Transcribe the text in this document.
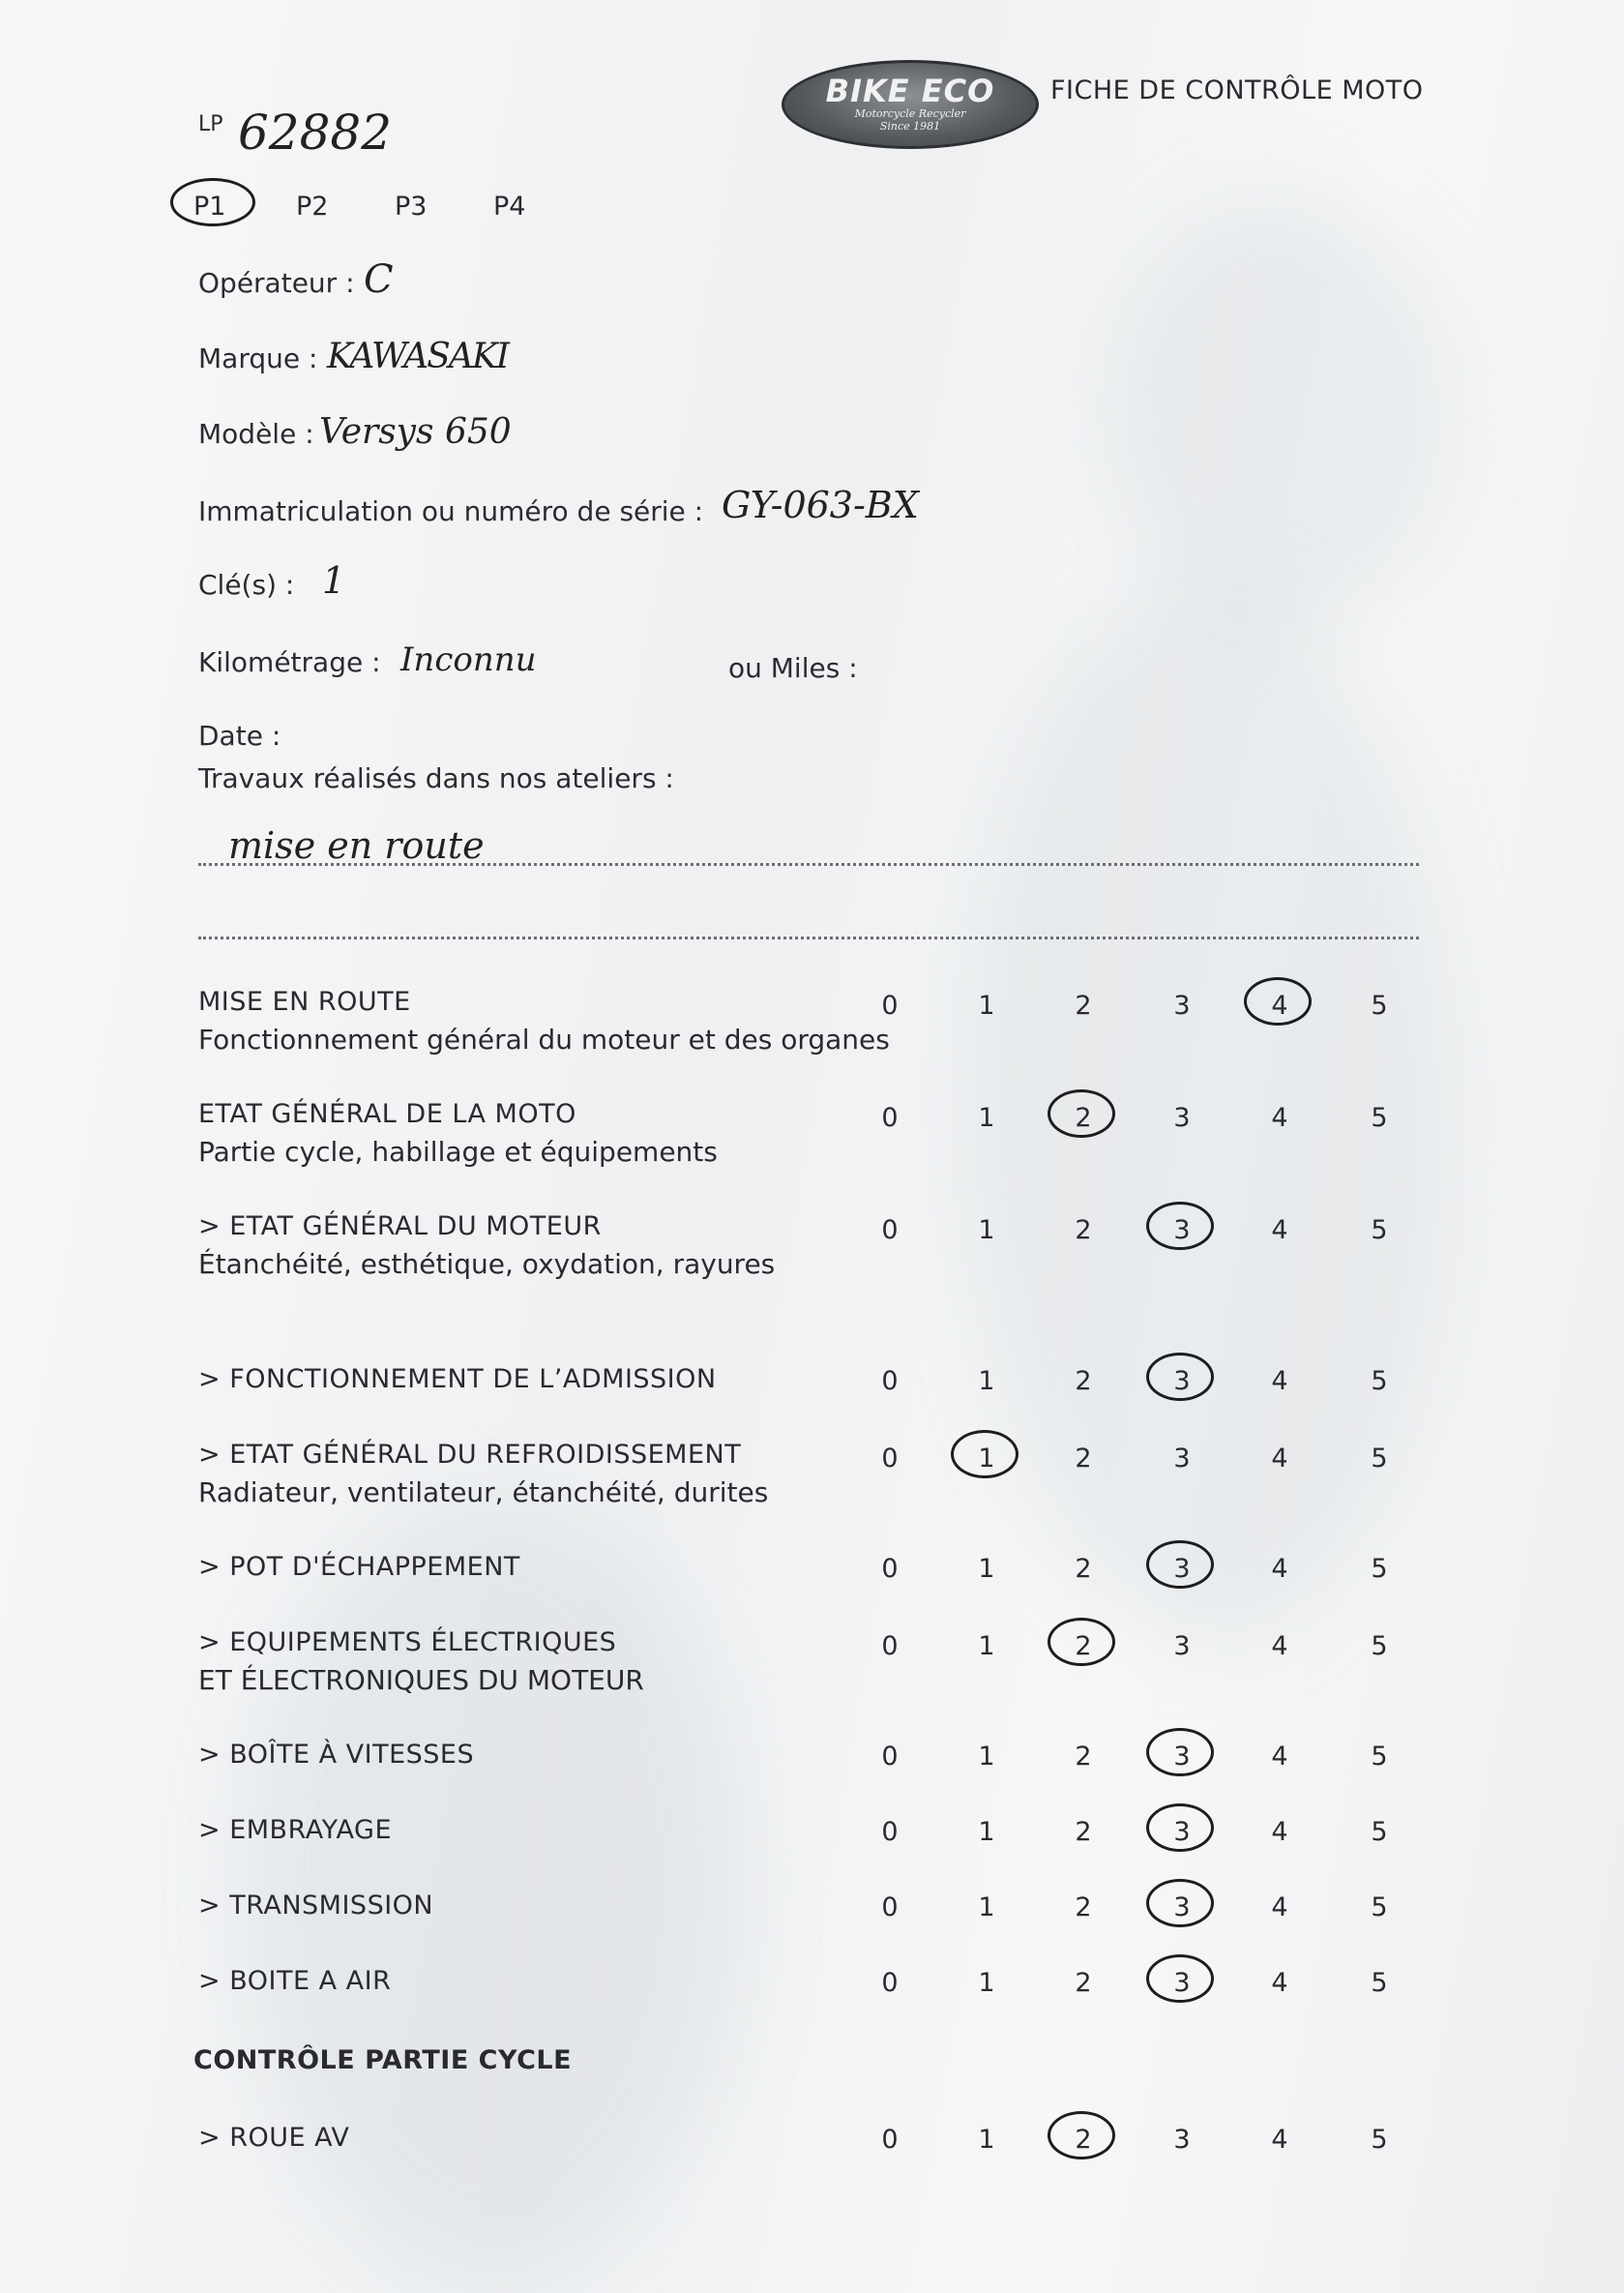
BIKE ECO
Motorcycle Recycler
Since 1981
FICHE DE CONTRÔLE MOTO
LP 62882
P1	P2	P3	P4
Opérateur : C
Marque : KAWASAKI
Modèle : Versys 650
Immatriculation ou numéro de série : GY-063-BX
Clé(s) : 1
Kilométrage : Inconnu	ou Miles :
Date :
Travaux réalisés dans nos ateliers :
mise en route
MISE EN ROUTE
Fonctionnement général du moteur et des organes
0	1	2	3	4	5
ETAT GÉNÉRAL DE LA MOTO
Partie cycle, habillage et équipements
0	1	2	3	4	5
> ETAT GÉNÉRAL DU MOTEUR
Étanchéité, esthétique, oxydation, rayures
0	1	2	3	4	5
> FONCTIONNEMENT DE L’ADMISSION	0	1	2	3	4	5
> ETAT GÉNÉRAL DU REFROIDISSEMENT
Radiateur, ventilateur, étanchéité, durites
0	1	2	3	4	5
> POT D'ÉCHAPPEMENT	0	1	2	3	4	5
> EQUIPEMENTS ÉLECTRIQUES
ET ÉLECTRONIQUES DU MOTEUR
0	1	2	3	4	5
> BOÎTE À VITESSES	0	1	2	3	4	5
> EMBRAYAGE	0	1	2	3	4	5
> TRANSMISSION	0	1	2	3	4	5
> BOITE A AIR	0	1	2	3	4	5
CONTRÔLE PARTIE CYCLE
> ROUE AV	0	1	2	3	4	5
